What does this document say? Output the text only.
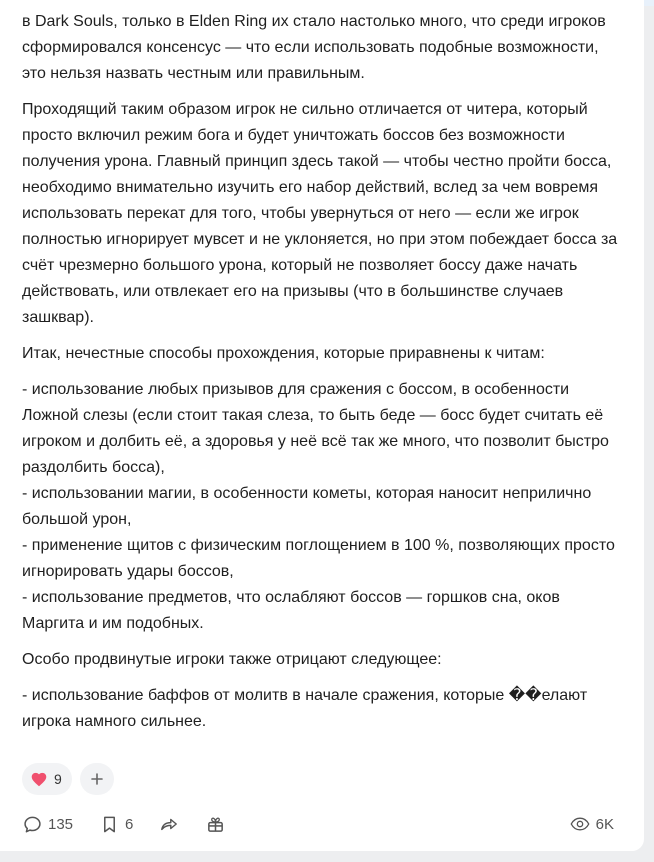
в Dark Souls, только в Elden Ring их стало настолько много, что среди игроков сформировался консенсус — что если использовать подобные возможности, это нельзя назвать честным или правильным.

Проходящий таким образом игрок не сильно отличается от читера, который просто включил режим бога и будет уничтожать боссов без возможности получения урона. Главный принцип здесь такой — чтобы честно пройти босса, необходимо внимательно изучить его набор действий, вслед за чем вовремя использовать перекат для того, чтобы увернуться от него — если же игрок полностью игнорирует мувсет и не уклоняется, но при этом побеждает босса за счёт чрезмерно большого урона, который не позволяет боссу даже начать действовать, или отвлекает его на призывы (что в большинстве случаев зашквар).

Итак, нечестные способы прохождения, которые приравнены к читам:

- использование любых призывов для сражения с боссом, в особенности Ложной слезы (если стоит такая слеза, то быть беде — босс будет считать её игроком и долбить её, а здоровья у неё всё так же много, что позволит быстро раздолбить босса),
- использовании магии, в особенности кометы, которая наносит неприлично большой урон,
- применение щитов с физическим поглощением в 100 %, позволяющих просто игнорировать удары боссов,
- использование предметов, что ослабляют боссов — горшков сна, оков Маргита и им подобных.

Особо продвинутые игроки также отрицают следующее:

- использование баффов от молитв в начале сражения, которые ��елают игрока намного сильнее.

9
135	6	6K
